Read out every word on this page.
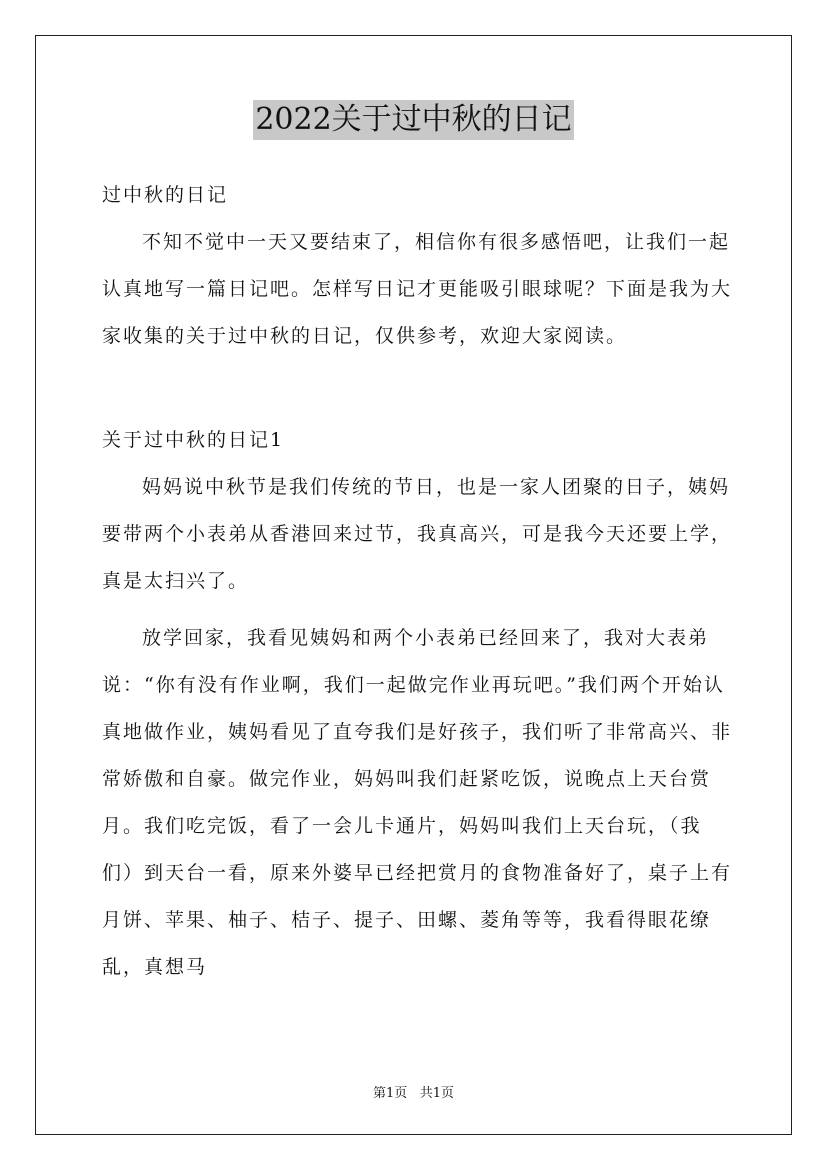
2022关于过中秋的日记

过中秋的日记

不知不觉中一天又要结束了，相信你有很多感悟吧，让我们一起认真地写一篇日记吧。怎样写日记才更能吸引眼球呢？下面是我为大家收集的关于过中秋的日记，仅供参考，欢迎大家阅读。

关于过中秋的日记1

妈妈说中秋节是我们传统的节日，也是一家人团聚的日子，姨妈要带两个小表弟从香港回来过节，我真高兴，可是我今天还要上学，真是太扫兴了。

放学回家，我看见姨妈和两个小表弟已经回来了，我对大表弟说：“你有没有作业啊，我们一起做完作业再玩吧。”我们两个开始认真地做作业，姨妈看见了直夸我们是好孩子，我们听了非常高兴、非常娇傲和自豪。做完作业，妈妈叫我们赶紧吃饭，说晚点上天台赏月。我们吃完饭，看了一会儿卡通片，妈妈叫我们上天台玩，（我们）到天台一看，原来外婆早已经把赏月的食物准备好了，桌子上有月饼、苹果、柚子、桔子、提子、田螺、菱角等等，我看得眼花缭乱，真想马

第1页 共1页
